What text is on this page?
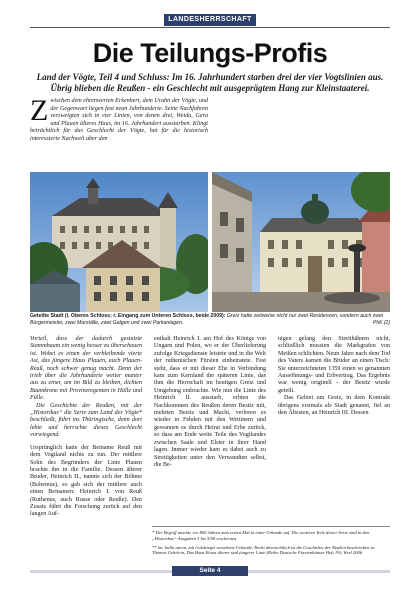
LANDESHERRSCHAFT
Die Teilungs-Profis

Land der Vögte, Teil 4 und Schluss: Im 16. Jahrhundert starben drei der vier Vogtslinien aus. Übrig blieben die Reußen - ein Geschlecht mit ausgeprägtem Hang zur Kleinstaaterei.

Zwischen dem ehrenwerten Erkenbert, dem Urahn der Vögte, und der Gegenwart liegen fast neun Jahrhunderte. Seine Nachfahren verzweigten sich in vier Linien, von denen drei, Weida, Gera und Plauen älteres Haus, im 16. Jahrhundert ausstarben. Klingt beträchtlich für das Geschlecht der Vögte, hat für die historisch interessierte Nachwelt aber den

Geteilte Stadt (l. Oberes Schloss; r. Eingang zum Unteren Schloss, beide 2009): Greiz hatte zeitweise nicht nur zwei Residenzen, sondern auch zwei Bürgermeister, zwei Marställe, zwei Galgen und zwei Parkanlagen.	PhK (2)

Vorteil, dass der dadurch gestutzte Stammbaum ein wenig besser zu überschauen ist. Wobei es einen der verbleibende vierte Ast, das jüngere Haus Plauen, auch Plauen-Reuß, noch schwer genug macht. Denn der trieb über die Jahrhunderte weiter munter aus zu einer, um im Bild zu bleiben, dichten Baumkrone mit Provinzregenten in Hülle und Fülle.

Die Geschichte der Reußen, mit der „Historikus“ die Serie zum Land der Vögte* beschließt, führt ins Thüringische, denn dort lebte und herrschte dieses Geschlecht vorwiegend.

Ursprünglich hatte der Beiname Reuß mit dem Vogtland nichts zu tun. Der mittlere Sohn des Begründers der Linie Plauen brachte ihn in die Familie. Dessen älterer Bruder, Heinrich II., nannte sich der Böhme (Bohemus), so gab sich der mittlere auch einen Beinamen: Heinrich I. von Reuß (Ruthenus, auch Russe oder Reuße). Den Zusatz führt die Forschung zurück auf den langen Auf-

enthalt Heinrich I. am Hof des Königs von Ungarn und Polen, wo er der Überlieferung zufolge Kriegsdienste leistete und in die Welt der ruthenischen Fürsten einheiratete. Fest steht, dass er mit dieser Ehe in Verbindung kam zum Kernland der späteren Linie, das ihm die Herrschaft im heutigen Greiz und Umgebung einbrachte. Wie nun die Linie des Heinrich II. ausstarb, erbten die Nachkommen des Reußen deren Besitz mit, mehrten Besitz und Macht, verloren es wieder in Fehden mit den Wettinern und gewannen es durch Heirat und Erbe zurück, so dass am Ende weite Teile des Vogtlandes zwischen Saale und Elster in ihrer Hand lagen. Immer wieder kam es dabei auch zu Streitigkeiten unter den Verwandten selbst, die Be-

nigen gelang den Streithähnen nicht, schließlich mussten die Markgrafen von Meißen schlichten. Neun Jahre nach dem Tod des Vaters kamen die Brüder an einen Tisch: Sie unterzeichneten 1359 einen so genannten Aussöhnungs- und Erbvertrag. Das Ergebnis war wenig originell - der Besitz wurde geteilt.

Das Gebiet um Greiz, in dem Kontrakt übrigens erstmals als Stadt genannt, fiel an den Ältesten, an Heinrich III. Dessen

* Der Begriff tauchte vor 800 Jahren zum ersten Mal in einer Urkunde auf. Die weiteren Teile dieser Serie sind in den „Historikus“-Ausgaben 3 bis 5/09 erschienen.

** lat. bulla aurea, mit Goldsiegel versehene Urkunde. Recht übersichtlich ist die Geschichte der Reußen beschrieben in: Thomas Gehrlein, Das Haus Reuss älterer und jüngerer Linie (Reihe Deutsche Fürstenhäuser Heft 19), Werl 2006

Seite 4
